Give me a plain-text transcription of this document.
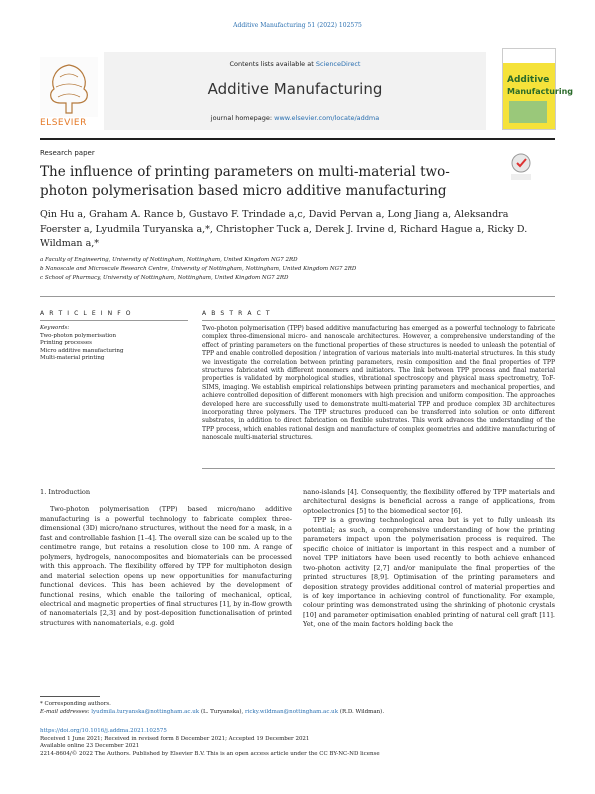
Additive Manufacturing 51 (2022) 102575
ELSEVIER
Contents lists available at ScienceDirect
Additive Manufacturing
journal homepage: www.elsevier.com/locate/addma
Additive
Manufacturing
Research paper
The influence of printing parameters on multi-material two-photon polymerisation based micro additive manufacturing
Qin Hu a, Graham A. Rance b, Gustavo F. Trindade a,c, David Pervan a, Long Jiang a, Aleksandra Foerster a, Lyudmila Turyanska a,*, Christopher Tuck a, Derek J. Irvine d, Richard Hague a, Ricky D. Wildman a,*
a Faculty of Engineering, University of Nottingham, Nottingham, United Kingdom NG7 2RD
b Nanoscale and Microscale Research Centre, University of Nottingham, Nottingham, United Kingdom NG7 2RD
c School of Pharmacy, University of Nottingham, Nottingham, United Kingdom NG7 2RD
A R T I C L E I N F O	A B S T R A C T
Keywords:
Two-photon polymerisation
Printing processes
Micro additive manufacturing
Multi-material printing
Two-photon polymerisation (TPP) based additive manufacturing has emerged as a powerful technology to fabricate complex three-dimensional micro- and nanoscale architectures. However, a comprehensive understanding of the effect of printing parameters on the functional properties of these structures is needed to unleash the potential of TPP and enable controlled deposition / integration of various materials into multi-material structures. In this study we investigate the correlation between printing parameters, resin composition and the final properties of TPP structures fabricated with different monomers and initiators. The link between TPP process and final material properties is validated by morphological studies, vibrational spectroscopy and physical mass spectrometry, ToF-SIMS, imaging. We establish empirical relationships between printing parameters and mechanical properties, and achieve controlled deposition of different monomers with high precision and uniform composition. The approaches developed here are successfully used to demonstrate multi-material TPP and produce complex 3D architectures incorporating three polymers. The TPP structures produced can be transferred into solution or onto different substrates, in addition to direct fabrication on flexible substrates. This work advances the understanding of the TPP process, which enables rational design and manufacture of complex geometries and additive manufacturing of nanoscale multi-material structures.

1. Introduction

Two-photon polymerisation (TPP) based micro/nano additive manufacturing is a powerful technology to fabricate complex three-dimensional (3D) micro/nano structures, without the need for a mask, in a fast and controllable fashion [1–4]. The overall size can be scaled up to the centimetre range, but retains a resolution close to 100 nm. A range of polymers, hydrogels, nanocomposites and biomaterials can be processed with this approach. The flexibility offered by TPP for multiphoton design and material selection opens up new opportunities for manufacturing functional devices. This has been achieved by the development of functional resins, which enable the tailoring of mechanical, optical, electrical and magnetic properties of final structures [1], by in-flow growth of nanomaterials [2,3] and by post-deposition functionalisation of printed structures with nanomaterials, e.g. gold

nano-islands [4]. Consequently, the flexibility offered by TPP materials and architectural designs is beneficial across a range of applications, from optoelectronics [5] to the biomedical sector [6].

TPP is a growing technological area but is yet to fully unleash its potential; as such, a comprehensive understanding of how the printing parameters impact upon the polymerisation process is required. The specific choice of initiator is important in this respect and a number of novel TPP initiators have been used recently to both achieve enhanced two-photon activity [2,7] and/or manipulate the final properties of the printed structures [8,9]. Optimisation of the printing parameters and deposition strategy provides additional control of material properties and is of key importance in achieving control of functionality. For example, colour printing was demonstrated using the shrinking of photonic crystals [10] and parameter optimisation enabled printing of natural cell graft [11]. Yet, one of the main factors holding back the

* Corresponding authors.
E-mail addresses: lyudmila.turyanska@nottingham.ac.uk (L. Turyanska), ricky.wildman@nottingham.ac.uk (R.D. Wildman).
https://doi.org/10.1016/j.addma.2021.102575
Received 1 June 2021; Received in revised form 8 December 2021; Accepted 19 December 2021
Available online 23 December 2021
2214-8604/© 2022 The Authors. Published by Elsevier B.V. This is an open access article under the CC BY-NC-ND license
